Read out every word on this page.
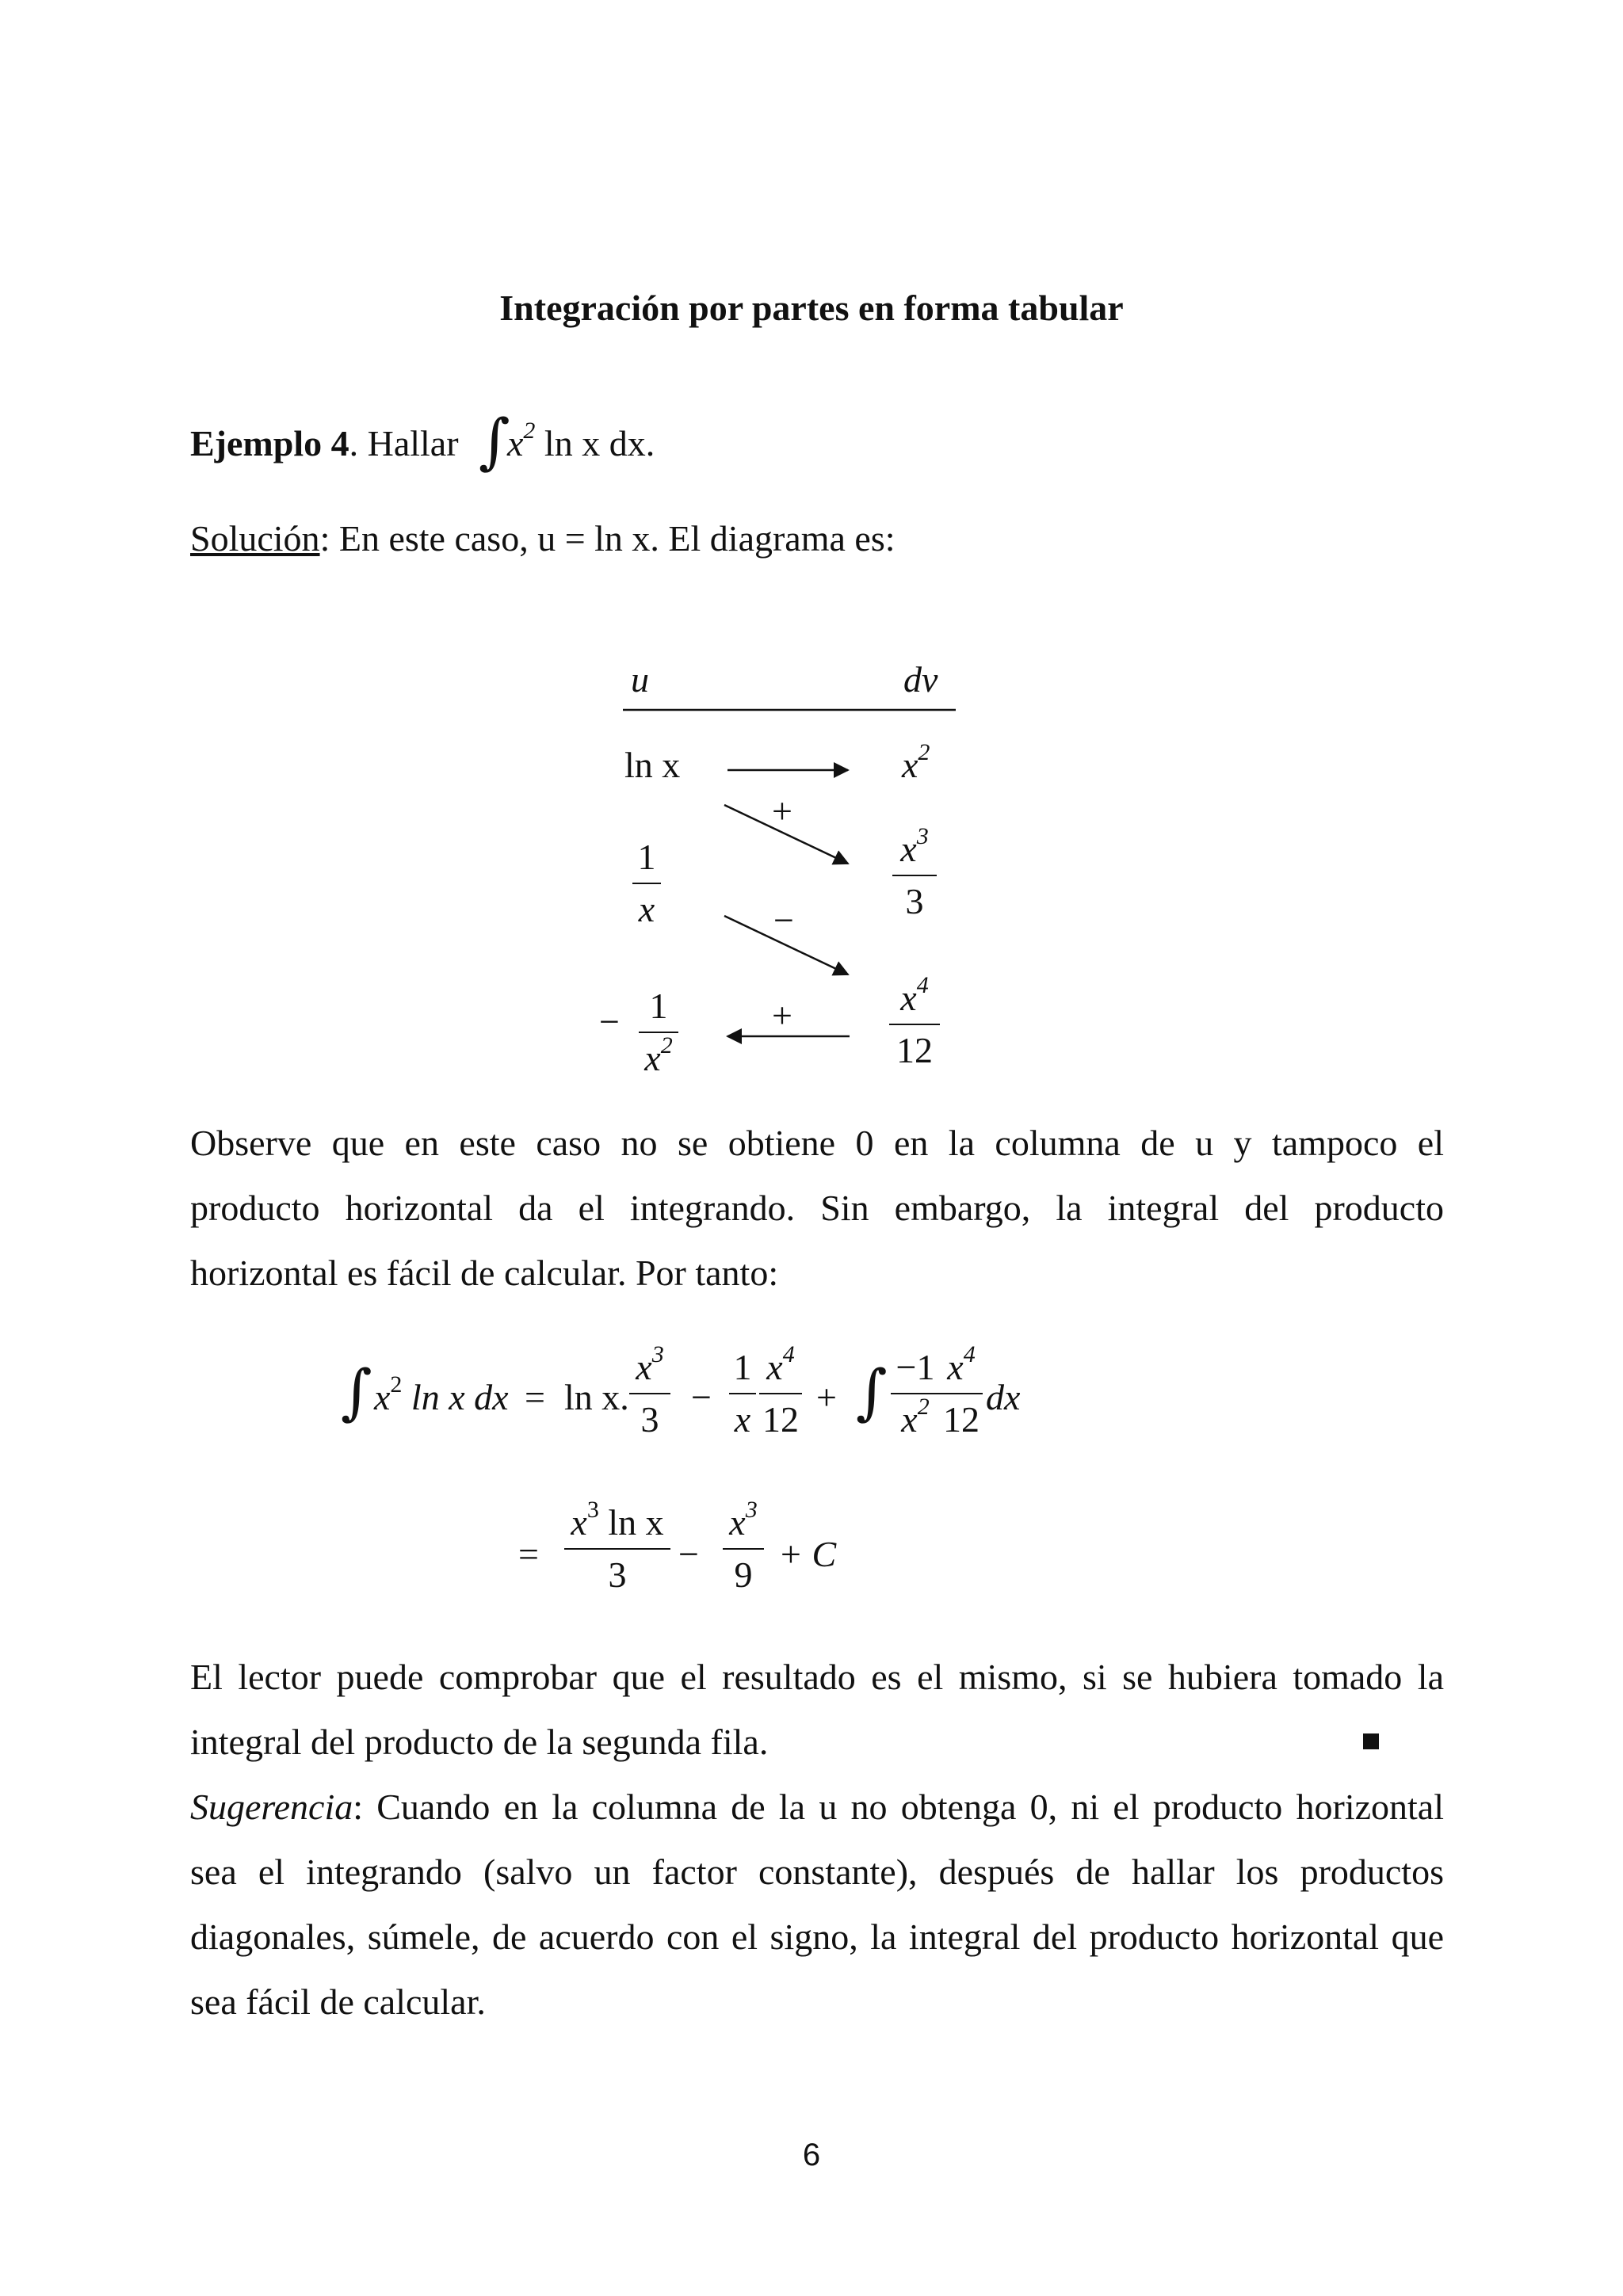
Integración por partes en forma tabular
Ejemplo 4. Hallar ∫
$x^2$ ln x dx.
Solución: En este caso, u = ln x. El diagrama es:
u	dv
ln x	$x^2$
1
x
$x^3$
3
− 1
$x^2$
$x^4$
12
+
−
+
Observe que en este caso no se obtiene 0 en la columna de u y tampoco el
producto horizontal da el integrando. Sin embargo, la integral del producto
horizontal es fácil de calcular. Por tanto:
∫ $x^2$ ln x dx = ln x.
$x^3$
3
−
1
x
$x^4$
12
+ ∫ −1
$x^2$
$x^4$
12
dx
=
$x^3$ ln x
3
−
$x^3$
9
+ C
El lector puede comprobar que el resultado es el mismo, si se hubiera tomado la
integral del producto de la segunda fila.
Sugerencia: Cuando en la columna de la u no obtenga 0, ni el producto horizontal
sea el integrando (salvo un factor constante), después de hallar los productos
diagonales, súmele, de acuerdo con el signo, la integral del producto horizontal que
sea fácil de calcular.
6
